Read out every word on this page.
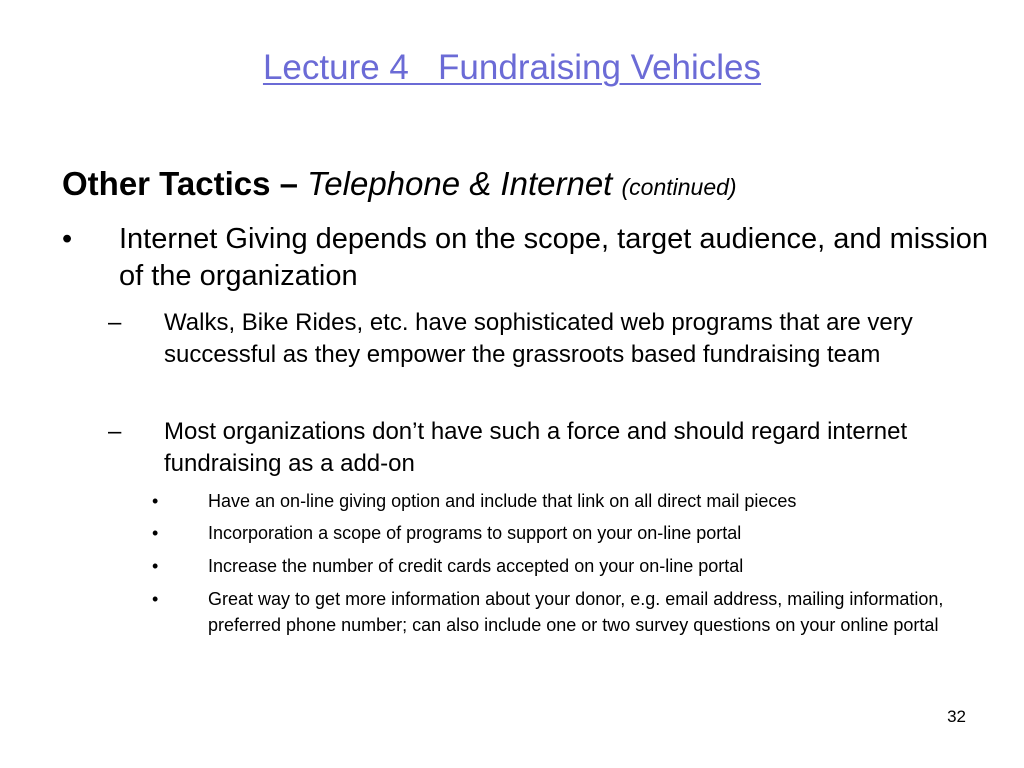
Lecture 4   Fundraising Vehicles
Other Tactics – Telephone & Internet (continued)
• Internet Giving depends on the scope, target audience, and mission of the organization
– Walks, Bike Rides, etc. have sophisticated web programs that are very successful as they empower the grassroots based fundraising team
– Most organizations don’t have such a force and should regard internet fundraising as a add-on
•	Have an on-line giving option and include that link on all direct mail pieces
•	Incorporation a scope of programs to support on your on-line portal
•	Increase the number of credit cards accepted on your on-line portal
•	Great way to get more information about your donor, e.g. email address, mailing information, preferred phone number; can also include one or two survey questions on your online portal
32
